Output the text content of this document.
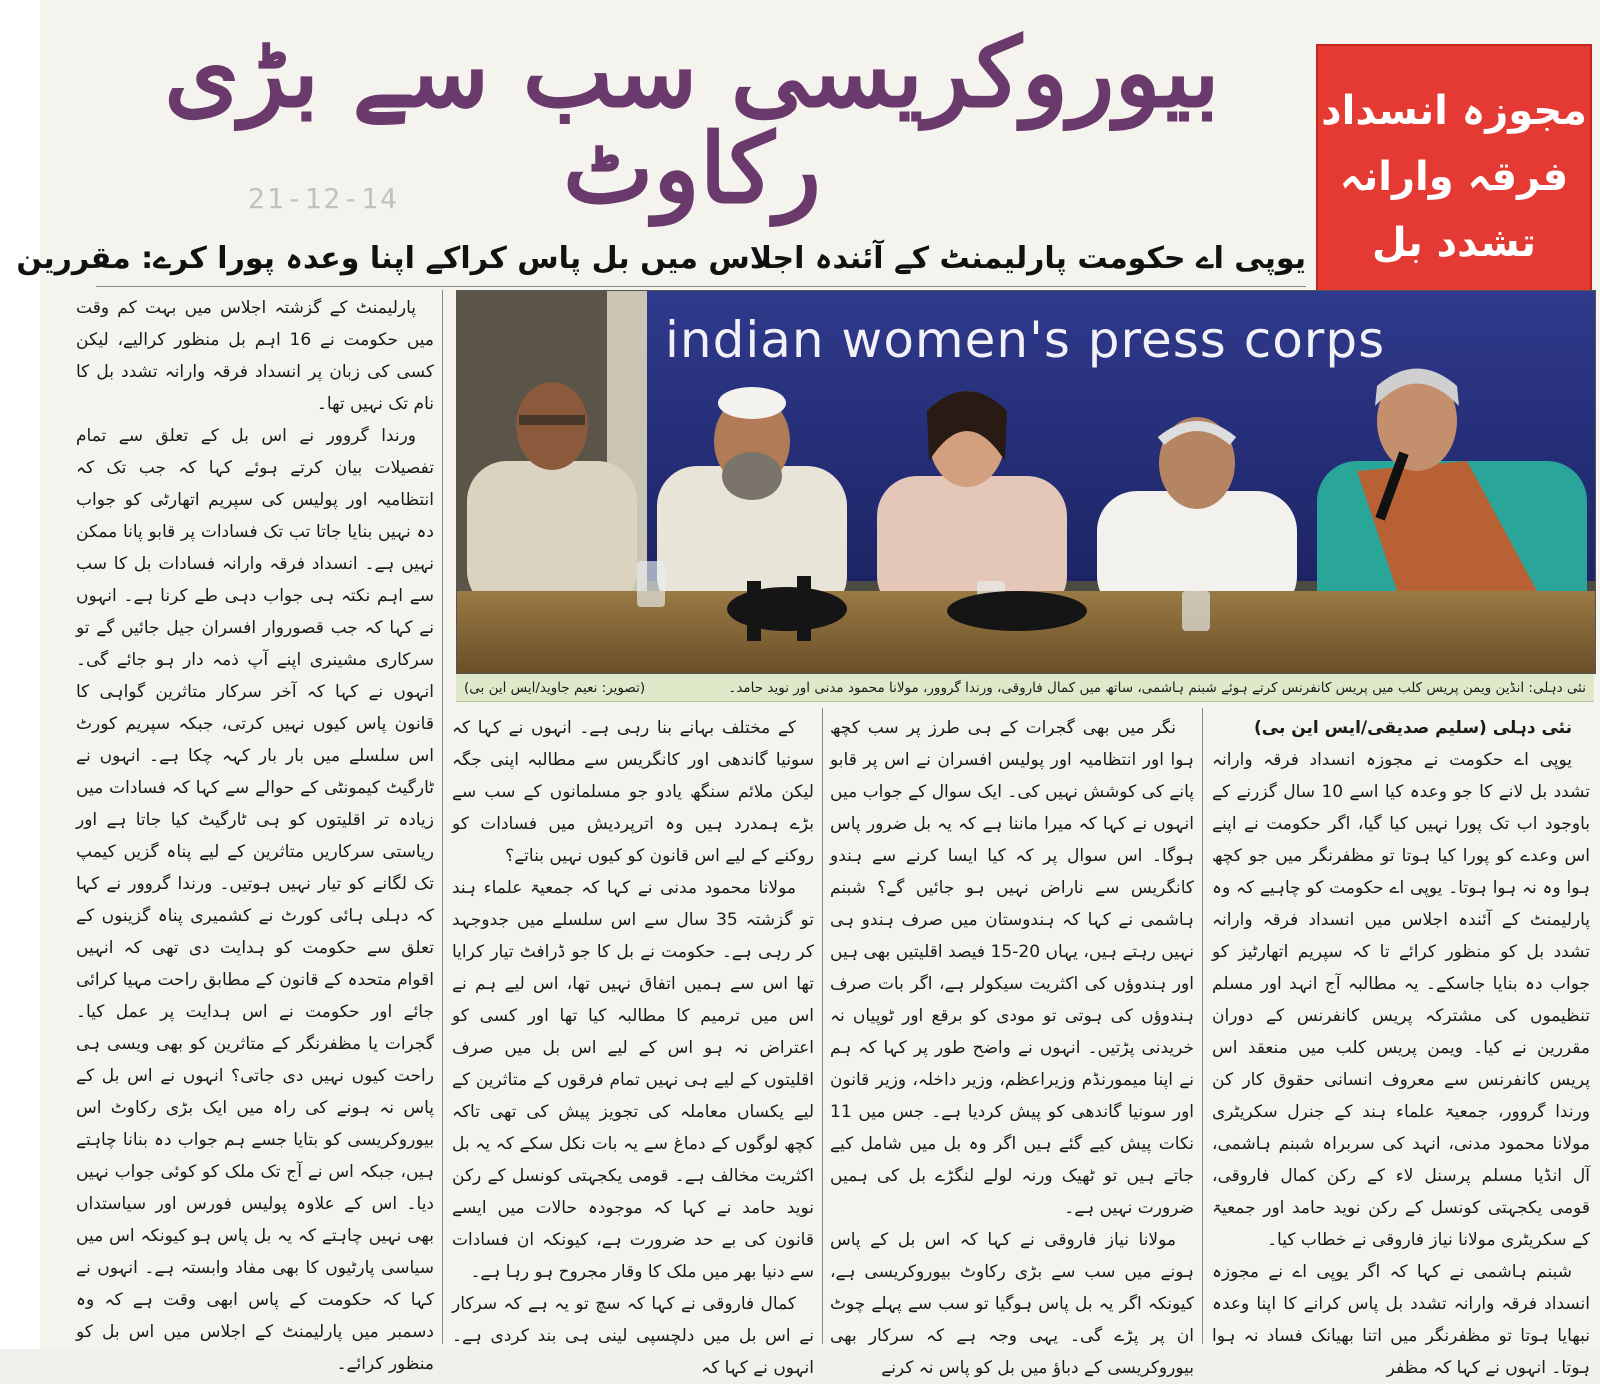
مجوزہ انسداد
فرقہ وارانہ
تشدد بل
بیوروکریسی سب سے بڑی رکاوٹ
21-12-14
یوپی اے حکومت پارلیمنٹ کے آئندہ اجلاس میں بل پاس کراکے اپنا وعدہ پورا کرے: مقررین
indian women's press corps
نئی دہلی: انڈین ویمن پریس کلب میں پریس کانفرنس کرتے ہوئے شبنم ہاشمی، ساتھ میں کمال فاروقی، ورندا گروور، مولانا محمود مدنی اور نوید حامد۔
(تصویر: نعیم جاوید/ایس این بی)

نئی دہلی (سلیم صدیقی/ایس این بی)

یوپی اے حکومت نے مجوزہ انسداد فرقہ وارانہ تشدد بل لانے کا جو وعدہ کیا اسے 10 سال گزرنے کے باوجود اب تک پورا نہیں کیا گیا، اگر حکومت نے اپنے اس وعدے کو پورا کیا ہوتا تو مظفرنگر میں جو کچھ ہوا وہ نہ ہوا ہوتا۔ یوپی اے حکومت کو چاہیے کہ وہ پارلیمنٹ کے آئندہ اجلاس میں انسداد فرقہ وارانہ تشدد بل کو منظور کرائے تا کہ سپریم اتھارٹیز کو جواب دہ بنایا جاسکے۔ یہ مطالبہ آج انہد اور مسلم تنظیموں کی مشترکہ پریس کانفرنس کے دوران مقررین نے کیا۔ ویمن پریس کلب میں منعقد اس پریس کانفرنس سے معروف انسانی حقوق کار کن ورندا گروور، جمعیۃ علماء ہند کے جنرل سکریٹری مولانا محمود مدنی، انہد کی سربراہ شبنم ہاشمی، آل انڈیا مسلم پرسنل لاء کے رکن کمال فاروقی، قومی یکجہتی کونسل کے رکن نوید حامد اور جمعیۃ کے سکریٹری مولانا نیاز فاروقی نے خطاب کیا۔

شبنم ہاشمی نے کہا کہ اگر یوپی اے نے مجوزہ انسداد فرقہ وارانہ تشدد بل پاس کرانے کا اپنا وعدہ نبھایا ہوتا تو مظفرنگر میں اتنا بھیانک فساد نہ ہوا ہوتا۔ انہوں نے کہا کہ مظفر

نگر میں بھی گجرات کے ہی طرز پر سب کچھ ہوا اور انتظامیہ اور پولیس افسران نے اس پر قابو پانے کی کوشش نہیں کی۔ ایک سوال کے جواب میں انہوں نے کہا کہ میرا ماننا ہے کہ یہ بل ضرور پاس ہوگا۔ اس سوال پر کہ کیا ایسا کرنے سے ہندو کانگریس سے ناراض نہیں ہو جائیں گے؟ شبنم ہاشمی نے کہا کہ ہندوستان میں صرف ہندو ہی نہیں رہتے ہیں، یہاں 20-15 فیصد اقلیتیں بھی ہیں اور ہندوؤں کی اکثریت سیکولر ہے، اگر بات صرف ہندوؤں کی ہوتی تو مودی کو برقع اور ٹوپیاں نہ خریدنی پڑتیں۔ انہوں نے واضح طور پر کہا کہ ہم نے اپنا میمورنڈم وزیراعظم، وزیر داخلہ، وزیر قانون اور سونیا گاندھی کو پیش کردیا ہے۔ جس میں 11 نکات پیش کیے گئے ہیں اگر وہ بل میں شامل کیے جاتے ہیں تو ٹھیک ورنہ لولے لنگڑے بل کی ہمیں ضرورت نہیں ہے۔

مولانا نیاز فاروقی نے کہا کہ اس بل کے پاس ہونے میں سب سے بڑی رکاوٹ بیوروکریسی ہے، کیونکہ اگر یہ بل پاس ہوگیا تو سب سے پہلے چوٹ ان پر پڑے گی۔ یہی وجہ ہے کہ سرکار بھی بیوروکریسی کے دباؤ میں بل کو پاس نہ کرنے

کے مختلف بہانے بنا رہی ہے۔ انہوں نے کہا کہ سونیا گاندھی اور کانگریس سے مطالبہ اپنی جگہ لیکن ملائم سنگھ یادو جو مسلمانوں کے سب سے بڑے ہمدرد ہیں وہ اترپردیش میں فسادات کو روکنے کے لیے اس قانون کو کیوں نہیں بناتے؟

مولانا محمود مدنی نے کہا کہ جمعیۃ علماء ہند تو گزشتہ 35 سال سے اس سلسلے میں جدوجہد کر رہی ہے۔ حکومت نے بل کا جو ڈرافٹ تیار کرایا تھا اس سے ہمیں اتفاق نہیں تھا، اس لیے ہم نے اس میں ترمیم کا مطالبہ کیا تھا اور کسی کو اعتراض نہ ہو اس کے لیے اس بل میں صرف اقلیتوں کے لیے ہی نہیں تمام فرقوں کے متاثرین کے لیے یکساں معاملہ کی تجویز پیش کی تھی تاکہ کچھ لوگوں کے دماغ سے یہ بات نکل سکے کہ یہ بل اکثریت مخالف ہے۔ قومی یکجہتی کونسل کے رکن نوید حامد نے کہا کہ موجودہ حالات میں ایسے قانون کی بے حد ضرورت ہے، کیونکہ ان فسادات سے دنیا بھر میں ملک کا وقار مجروح ہو رہا ہے۔

کمال فاروقی نے کہا کہ سچ تو یہ ہے کہ سرکار نے اس بل میں دلچسپی لینی ہی بند کردی ہے۔ انہوں نے کہا کہ

پارلیمنٹ کے گزشتہ اجلاس میں بہت کم وقت میں حکومت نے 16 اہم بل منظور کرالیے، لیکن کسی کی زبان پر انسداد فرقہ وارانہ تشدد بل کا نام تک نہیں تھا۔

ورندا گروور نے اس بل کے تعلق سے تمام تفصیلات بیان کرتے ہوئے کہا کہ جب تک کہ انتظامیہ اور پولیس کی سپریم اتھارٹی کو جواب دہ نہیں بنایا جاتا تب تک فسادات پر قابو پانا ممکن نہیں ہے۔ انسداد فرقہ وارانہ فسادات بل کا سب سے اہم نکتہ ہی جواب دہی طے کرنا ہے۔ انہوں نے کہا کہ جب قصوروار افسران جیل جائیں گے تو سرکاری مشینری اپنے آپ ذمہ دار ہو جائے گی۔ انہوں نے کہا کہ آخر سرکار متاثرین گواہی کا قانون پاس کیوں نہیں کرتی، جبکہ سپریم کورٹ اس سلسلے میں بار بار کہہ چکا ہے۔ انہوں نے ٹارگیٹ کیمونٹی کے حوالے سے کہا کہ فسادات میں زیادہ تر اقلیتوں کو ہی ٹارگیٹ کیا جاتا ہے اور ریاستی سرکاریں متاثرین کے لیے پناہ گزیں کیمپ تک لگانے کو تیار نہیں ہوتیں۔ ورندا گروور نے کہا کہ دہلی ہائی کورٹ نے کشمیری پناہ گزینوں کے تعلق سے حکومت کو ہدایت دی تھی کہ انہیں اقوام متحدہ کے قانون کے مطابق راحت مہیا کرائی جائے اور حکومت نے اس ہدایت پر عمل کیا۔ گجرات یا مظفرنگر کے متاثرین کو بھی ویسی ہی راحت کیوں نہیں دی جاتی؟ انہوں نے اس بل کے پاس نہ ہونے کی راہ میں ایک بڑی رکاوٹ اس بیوروکریسی کو بتایا جسے ہم جواب دہ بنانا چاہتے ہیں، جبکہ اس نے آج تک ملک کو کوئی جواب نہیں دیا۔ اس کے علاوہ پولیس فورس اور سیاستداں بھی نہیں چاہتے کہ یہ بل پاس ہو کیونکہ اس میں سیاسی پارٹیوں کا بھی مفاد وابستہ ہے۔ انہوں نے کہا کہ حکومت کے پاس ابھی وقت ہے کہ وہ دسمبر میں پارلیمنٹ کے اجلاس میں اس بل کو منظور کرائے۔
